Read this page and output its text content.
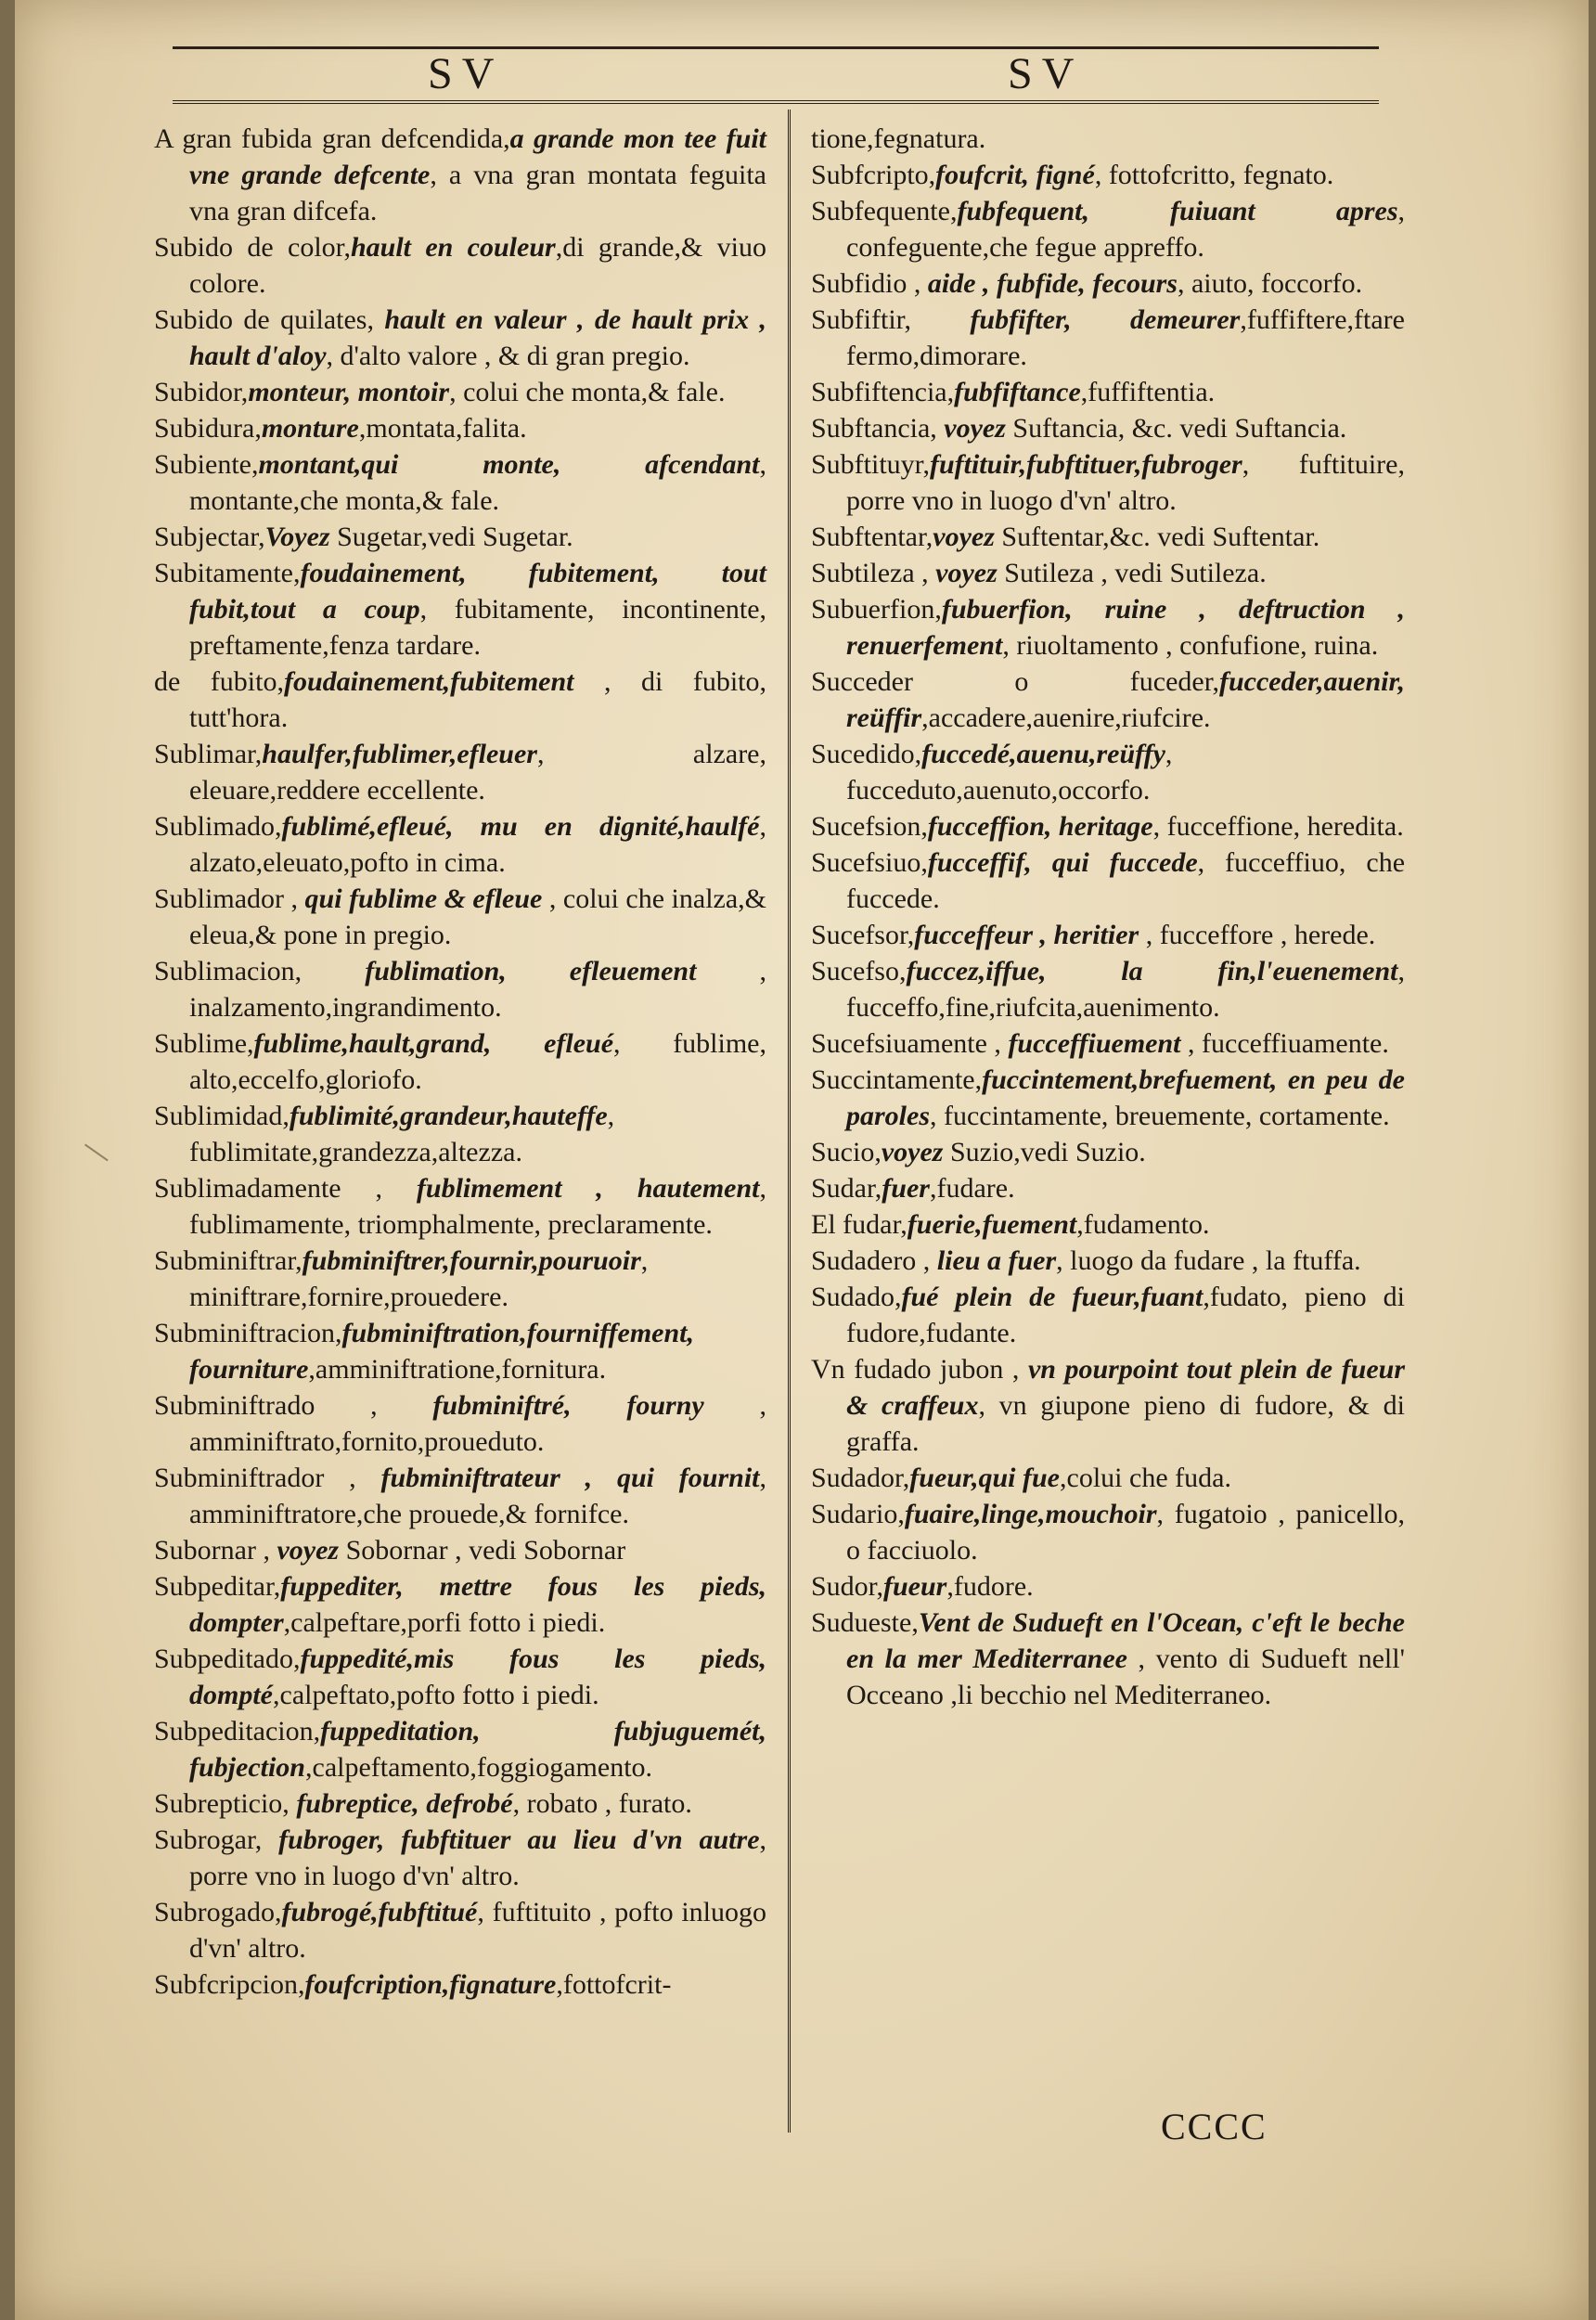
SV	SV

A gran fubida gran defcendida,a grande mon tee fuit vne grande defcente, a vna gran montata feguita vna gran difcefa.

Subido de color,hault en couleur,di grande,& viuo colore.

Subido de quilates, hault en valeur , de hault prix , hault d'aloy, d'alto valore , & di gran pregio.

Subidor,monteur, montoir, colui che monta,& fale.

Subidura,monture,montata,falita.

Subiente,montant,qui monte, afcendant, montante,che monta,& fale.

Subjectar,Voyez Sugetar,vedi Sugetar.

Subitamente,foudainement, fubitement, tout fubit,tout a coup, fubitamente, incontinente, preftamente,fenza tardare.

de fubito,foudainement,fubitement , di fubito, tutt'hora.

Sublimar,haulfer,fublimer,efleuer, alzare, eleuare,reddere eccellente.

Sublimado,fublimé,efleué, mu en dignité,haulfé, alzato,eleuato,pofto in cima.

Sublimador , qui fublime & efleue , colui che inalza,& eleua,& pone in pregio.

Sublimacion, fublimation, efleuement , inalzamento,ingrandimento.

Sublime,fublime,hault,grand, efleué, fublime, alto,eccelfo,gloriofo.

Sublimidad,fublimité,grandeur,hauteffe, fublimitate,grandezza,altezza.

Sublimadamente , fublimement , hautement, fublimamente, triomphalmente, preclaramente.

Subminiftrar,fubminiftrer,fournir,pouruoir, miniftrare,fornire,prouedere.

Subminiftracion,fubminiftration,fourniffement, fourniture,amminiftratione,fornitura.

Subminiftrado , fubminiftré, fourny , amminiftrato,fornito,proueduto.

Subminiftrador , fubminiftrateur , qui fournit, amminiftratore,che prouede,& fornifce.

Subornar , voyez Sobornar , vedi Sobornar

Subpeditar,fuppediter, mettre fous les pieds, dompter,calpeftare,porfi fotto i piedi.

Subpeditado,fuppedité,mis fous les pieds, dompté,calpeftato,pofto fotto i piedi.

Subpeditacion,fuppeditation, fubjuguemét, fubjection,calpeftamento,foggiogamento.

Subrepticio, fubreptice, defrobé, robato , furato.

Subrogar, fubroger, fubftituer au lieu d'vn autre, porre vno in luogo d'vn' altro.

Subrogado,fubrogé,fubftitué, fuftituito , pofto inluogo d'vn' altro.

Subfcripcion,foufcription,fignature,fottofcrit-

tione,fegnatura.

Subfcripto,foufcrit, figné, fottofcritto, fegnato.

Subfequente,fubfequent, fuiuant apres, confeguente,che fegue appreffo.

Subfidio , aide , fubfide, fecours, aiuto, foccorfo.

Subfiftir, fubfifter, demeurer,fuffiftere,ftare fermo,dimorare.

Subfiftencia,fubfiftance,fuffiftentia.

Subftancia, voyez Suftancia, &c. vedi Suftancia.

Subftituyr,fuftituir,fubftituer,fubroger, fuftituire, porre vno in luogo d'vn' altro.

Subftentar,voyez Suftentar,&c. vedi Suftentar.

Subtileza , voyez Sutileza , vedi Sutileza.

Subuerfion,fubuerfion, ruine , deftruction , renuerfement, riuoltamento , confufione, ruina.

Succeder o fuceder,fucceder,auenir, reüffir,accadere,auenire,riufcire.

Sucedido,fuccedé,auenu,reüffy, fucceduto,auenuto,occorfo.

Sucefsion,fucceffion, heritage, fucceffione, heredita.

Sucefsiuo,fucceffif, qui fuccede, fucceffiuo, che fuccede.

Sucefsor,fucceffeur , heritier , fucceffore , herede.

Sucefso,fuccez,iffue, la fin,l'euenement, fucceffo,fine,riufcita,auenimento.

Sucefsiuamente , fucceffiuement , fucceffiuamente.

Succintamente,fuccintement,brefuement, en peu de paroles, fuccintamente, breuemente, cortamente.

Sucio,voyez Suzio,vedi Suzio.

Sudar,fuer,fudare.

El fudar,fuerie,fuement,fudamento.

Sudadero , lieu a fuer, luogo da fudare , la ftuffa.

Sudado,fué plein de fueur,fuant,fudato, pieno di fudore,fudante.

Vn fudado jubon , vn pourpoint tout plein de fueur & craffeux, vn giupone pieno di fudore, & di graffa.

Sudador,fueur,qui fue,colui che fuda.

Sudario,fuaire,linge,mouchoir, fugatoio , panicello, o facciuolo.

Sudor,fueur,fudore.

Sudueste,Vent de Sudueft en l'Ocean, c'eft le beche en la mer Mediterranee , vento di Sudueft nell' Occeano ,li becchio nel Mediterraneo.

CCCC
